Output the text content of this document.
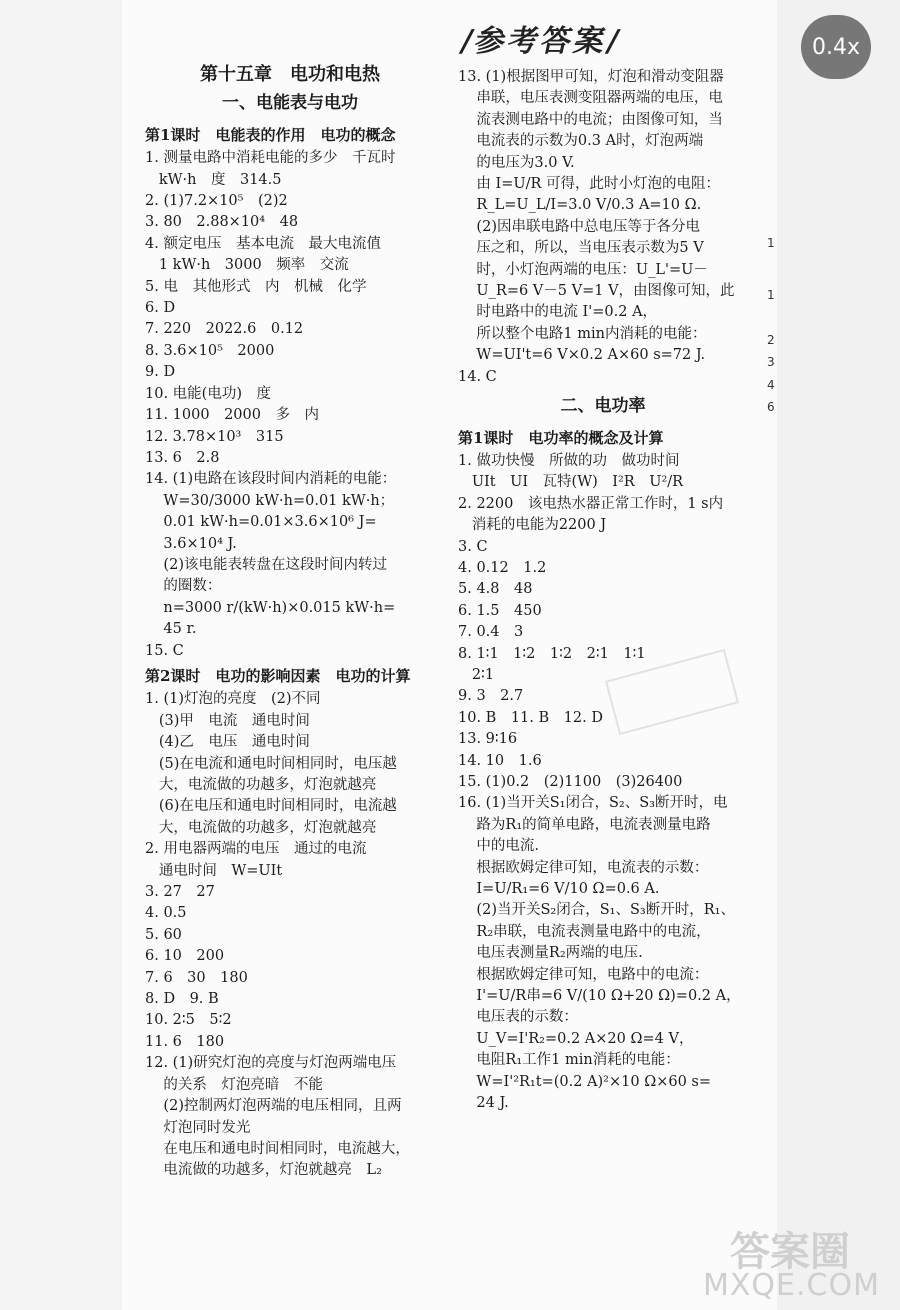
0.4x
/参考答案/
第十五章　电功和电热
一、电能表与电功
第1课时　电能表的作用　电功的概念
1. 测量电路中消耗电能的多少　千瓦时
kW·h　度　314.5
2. (1)7.2×10⁵　(2)2
3. 80　2.88×10⁴　48
4. 额定电压　基本电流　最大电流值
1 kW·h　3000　频率　交流
5. 电　其他形式　内　机械　化学
6. D
7. 220　2022.6　0.12
8. 3.6×10⁵　2000
9. D
10. 电能(电功)　度
11. 1000　2000　多　内
12. 3.78×10³　315
13. 6　2.8
14. (1)电路在该段时间内消耗的电能：
W=30/3000 kW·h=0.01 kW·h；
0.01 kW·h=0.01×3.6×10⁶ J=
3.6×10⁴ J.
(2)该电能表转盘在这段时间内转过
的圈数：
n=3000 r/(kW·h)×0.015 kW·h=
45 r.
15. C
第2课时　电功的影响因素　电功的计算
1. (1)灯泡的亮度　(2)不同
(3)甲　电流　通电时间
(4)乙　电压　通电时间
(5)在电流和通电时间相同时，电压越
大，电流做的功越多，灯泡就越亮
(6)在电压和通电时间相同时，电流越
大，电流做的功越多，灯泡就越亮
2. 用电器两端的电压　通过的电流
通电时间　W=UIt
3. 27　27
4. 0.5
5. 60
6. 10　200
7. 6　30　180
8. D　9. B
10. 2∶5　5∶2
11. 6　180
12. (1)研究灯泡的亮度与灯泡两端电压
的关系　灯泡亮暗　不能
(2)控制两灯泡两端的电压相同，且两
灯泡同时发光
在电压和通电时间相同时，电流越大，
电流做的功越多，灯泡就越亮　L₂
13. (1)根据图甲可知，灯泡和滑动变阻器
串联，电压表测变阻器两端的电压，电
流表测电路中的电流；由图像可知，当
电流表的示数为0.3 A时，灯泡两端
的电压为3.0 V.
由 I=U/R 可得，此时小灯泡的电阻：
R_L=U_L/I=3.0 V/0.3 A=10 Ω.
(2)因串联电路中总电压等于各分电
压之和，所以，当电压表示数为5 V
时，小灯泡两端的电压：U_L'=U－
U_R=6 V－5 V=1 V，由图像可知，此
时电路中的电流 I'=0.2 A，
所以整个电路1 min内消耗的电能：
W=UI't=6 V×0.2 A×60 s=72 J.
14. C
二、电功率
第1课时　电功率的概念及计算
1. 做功快慢　所做的功　做功时间
UIt　UI　瓦特(W)　I²R　U²/R
2. 2200　该电热水器正常工作时，1 s内
消耗的电能为2200 J
3. C
4. 0.12　1.2
5. 4.8　48
6. 1.5　450
7. 0.4　3
8. 1∶1　1∶2　1∶2　2∶1　1∶1
2∶1
9. 3　2.7
10. B　11. B　12. D
13. 9∶16
14. 10　1.6
15. (1)0.2　(2)1100　(3)26400
16. (1)当开关S₁闭合，S₂、S₃断开时，电
路为R₁的简单电路，电流表测量电路
中的电流.
根据欧姆定律可知，电流表的示数：
I=U/R₁=6 V/10 Ω=0.6 A.
(2)当开关S₂闭合，S₁、S₃断开时，R₁、
R₂串联，电流表测量电路中的电流，
电压表测量R₂两端的电压.
根据欧姆定律可知，电路中的电流：
I'=U/R串=6 V/(10 Ω+20 Ω)=0.2 A，
电压表的示数：
U_V=I'R₂=0.2 A×20 Ω=4 V，
电阻R₁工作1 min消耗的电能：
W=I'²R₁t=(0.2 A)²×10 Ω×60 s=
24 J.
1
1
2
3
4
6
答案圈
MXQE.COM
